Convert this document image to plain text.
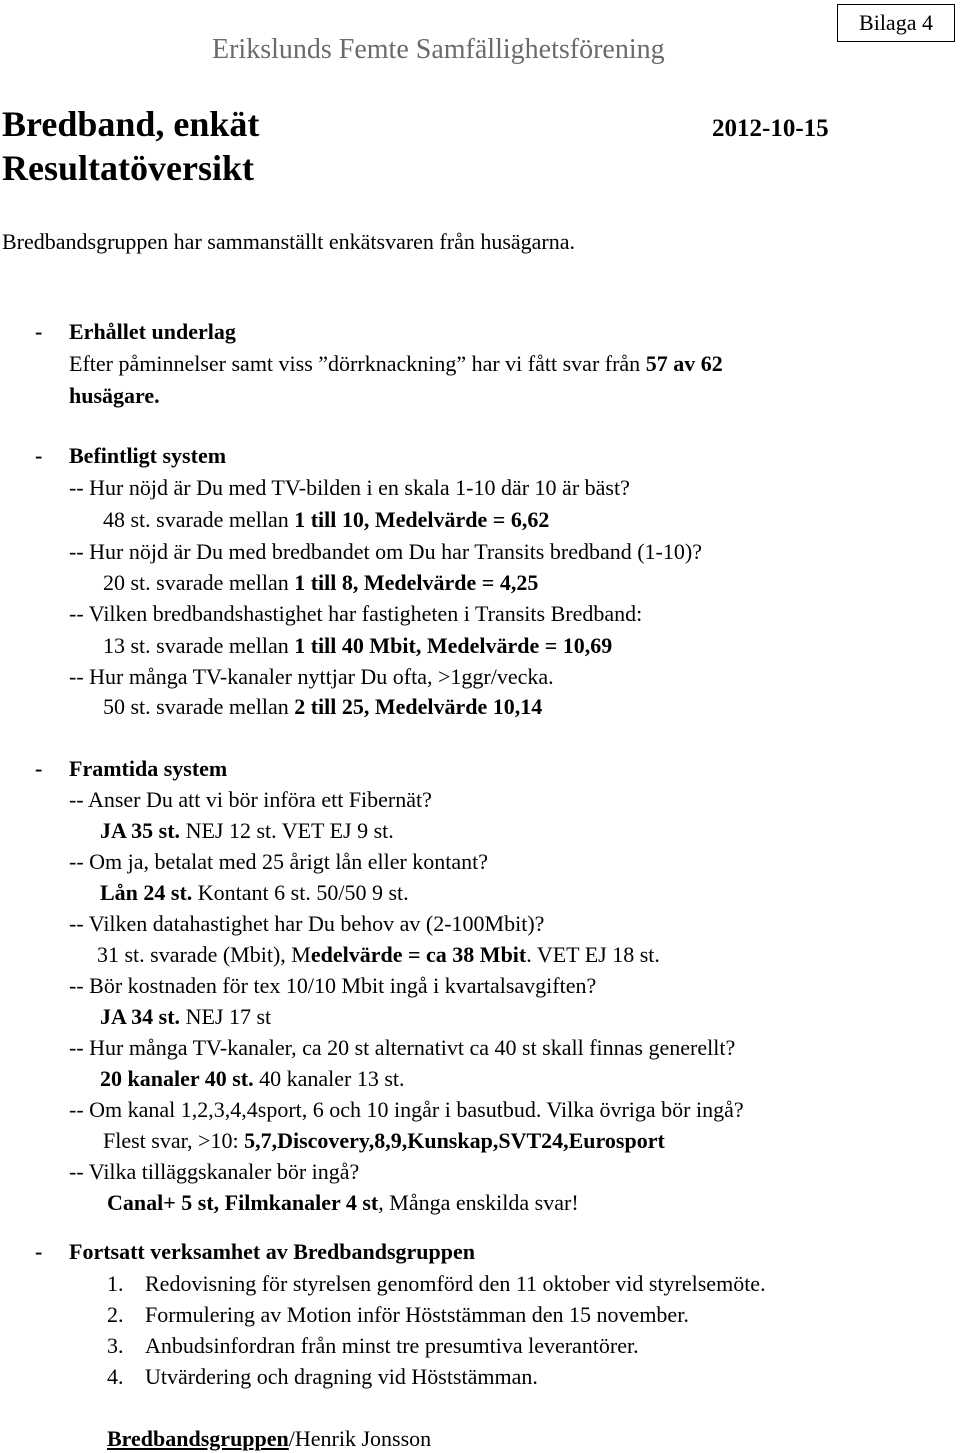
Erikslunds Femte Samfällighetsförening
Bilaga 4
Bredband, enkät
Resultatöversikt
2012-10-15
Bredbandsgruppen har sammanställt enkätsvaren från husägarna.
- Erhållet underlag
Efter påminnelser samt viss ”dörrknackning” har vi fått svar från 57 av 62
husägare.
- Befintligt system
-- Hur nöjd är Du med TV-bilden i en skala 1-10 där 10 är bäst?
48 st. svarade mellan 1 till 10, Medelvärde = 6,62
-- Hur nöjd är Du med bredbandet om Du har Transits bredband (1-10)?
20 st. svarade mellan 1 till 8, Medelvärde = 4,25
-- Vilken bredbandshastighet har fastigheten i Transits Bredband:
13 st. svarade mellan 1 till 40 Mbit, Medelvärde = 10,69
-- Hur många TV-kanaler nyttjar Du ofta, >1ggr/vecka.
50 st. svarade mellan 2 till 25, Medelvärde 10,14
- Framtida system
-- Anser Du att vi bör införa ett Fibernät?
JA 35 st. NEJ 12 st. VET EJ 9 st.
-- Om ja, betalat med 25 årigt lån eller kontant?
Lån 24 st. Kontant 6 st. 50/50 9 st.
-- Vilken datahastighet har Du behov av (2-100Mbit)?
31 st. svarade (Mbit), Medelvärde = ca 38 Mbit. VET EJ 18 st.
-- Bör kostnaden för tex 10/10 Mbit ingå i kvartalsavgiften?
JA 34 st. NEJ 17 st
-- Hur många TV-kanaler, ca 20 st alternativt ca 40 st skall finnas generellt?
20 kanaler 40 st. 40 kanaler 13 st.
-- Om kanal 1,2,3,4,4sport, 6 och 10 ingår i basutbud. Vilka övriga bör ingå?
Flest svar, >10: 5,7,Discovery,8,9,Kunskap,SVT24,Eurosport
-- Vilka tilläggskanaler bör ingå?
Canal+ 5 st, Filmkanaler 4 st, Många enskilda svar!
- Fortsatt verksamhet av Bredbandsgruppen
1. Redovisning för styrelsen genomförd den 11 oktober vid styrelsemöte.
2. Formulering av Motion inför Höststämman den 15 november.
3. Anbudsinfordran från minst tre presumtiva leverantörer.
4. Utvärdering och dragning vid Höststämman.
Bredbandsgruppen/Henrik Jonsson
